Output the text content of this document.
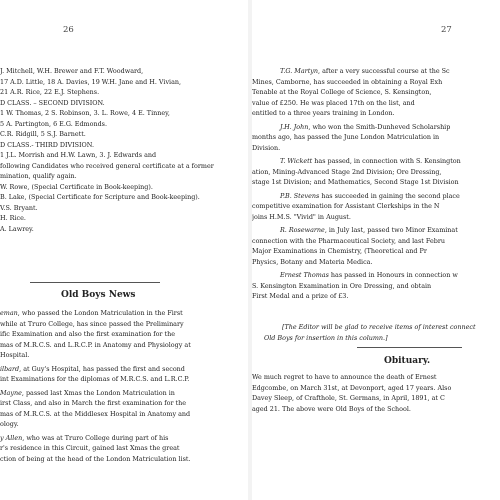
26
J. Mitchell, W.H. Brewer and F.T. Woodward,
17 A.D. Little, 18 A. Davies, 19 W.H. Jane and H. Vivian,
21 A.R. Rice, 22 E.J. Stephens.
D CLASS. – SECOND DIVISION.
1 W. Thomas, 2 S. Robinson, 3. L. Rowe, 4 E. Tinney,
5 A. Partington, 6 E.G. Edmonds.
C.R. Ridgill, 5 S.J. Barnett.
D CLASS.- THIRD DIVISION.
1 J.L. Morrish and H.W. Lawn, 3. J. Edwards and
following Candidates who received general certificate at a former
mination, qualify again.
W. Rowe, (Special Certificate in Book-keeping).
B. Lake, (Special Certificate for Scripture and Book-keeping).
V.S. Bryant.
H. Rice.
A. Lawrey.
Old Boys News
eman, who passed the London Matriculation in the First
while at Truro College, has since passed the Preliminary
ific Examination and also the first examination for the
mas of M.R.C.S. and L.R.C.P. in Anatomy and Physiology at
Hospital.
ilbard, at Guy's Hospital, has passed the first and second
int Examinations for the diplomas of M.R.C.S. and L.R.C.P.
Mayne, passed last Xmas the London Matriculation in
irst Class, and also in March the first examination for the
mas of M.R.C.S. at the Middlesex Hospital in Anatomy and
ology.
y Allen, who was at Truro College during part of his
r's residence in this Circuit, gained last Xmas the great
ction of being at the head of the London Matriculation list.
27
T.G. Martyn, after a very successful course at the Sc
Mines, Camborne, has succeeded in obtaining a Royal Exh
Tenable at the Royal College of Science, S. Kensington,
value of £250. He was placed 17th on the list, and
entitled to a three years training in London.
J.H. John, who won the Smith-Dunheved Scholarship
months ago, has passed the June London Matriculation in
Division.
T. Wickett has passed, in connection with S. Kensington
ation, Mining-Advanced Stage 2nd Division; Ore Dressing,
stage 1st Division; and Mathematics, Second Stage 1st Division
P.B. Stevens has succeeded in gaining the second place
competitive examination for Assistant Clerkships in the N
joins H.M.S. "Vivid" in August.
R. Rosewarne, in July last, passed two Minor Examinat
connection with the Pharmaceutical Society, and last Febru
Major Examinations in Chemistry, (Theoretical and Pr
Physics, Botany and Materia Medica.
Ernest Thomas has passed in Honours in connection w
S. Kensington Examination in Ore Dressing, and obtain
First Medal and a prize of £3.
[The Editor will be glad to receive items of interest connect
Old Boys for insertion in this column.]
Obituary.
We much regret to have to announce the death of Ernest
Edgcombe, on March 31st, at Devonport, aged 17 years. Also
Davey Sleep, of Crafthole, St. Germans, in April, 1891, at C
aged 21. The above were Old Boys of the School.
